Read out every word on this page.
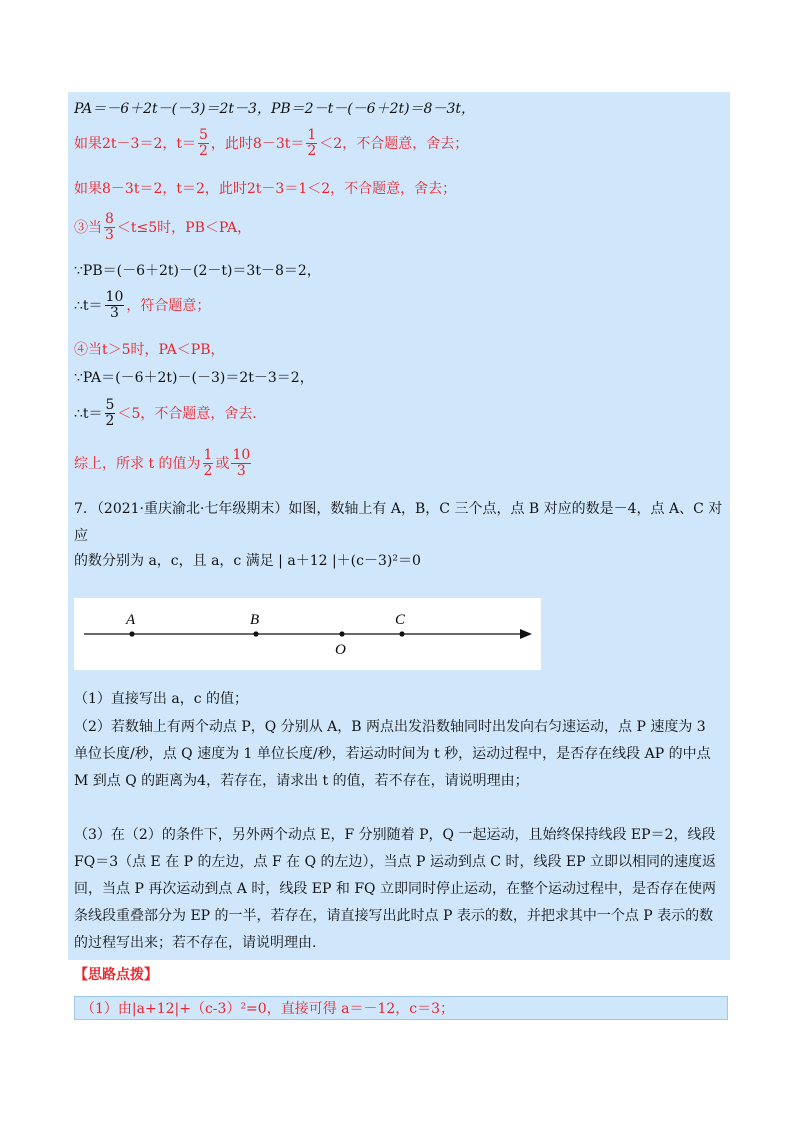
PA＝－6＋2t－(－3)＝2t－3，PB＝2－t－(－6＋2t)＝8－3t，
如果2t－3＝2，$t= \frac{5}{2}$ ，此时$8-3t= \frac{1}{2} <2$，不合题意，舍去；
如果8－3t＝2，t＝2，此时2t－3＝1＜2，不合题意，舍去；
③当 $\frac{8}{3} <t\le 5$时，PB＜PA，
∵PB＝(－6＋2t)－(2－t)＝3t－8＝2，
∴t＝ $\frac{10}{3}$ ，符合题意；
④当t＞5时，PA＜PB，
∵PA＝(－6＋2t)－(－3)＝2t－3＝2，
∴t＝ $\frac{5}{2} <5$，不合题意，舍去．
综上，所求 t 的值为 $\frac{1}{2}$ 或 $\frac{10}{3}$
7．（2021·重庆渝北·七年级期末）如图，数轴上有 A，B，C 三个点，点 B 对应的数是－4，点 A、C 对应
的数分别为 a，c，且 a，c 满足 | a＋12 |＋(c－3)²＝0
A	B
O
C
（1）直接写出 a，c 的值；
（2）若数轴上有两个动点 P，Q 分别从 A，B 两点出发沿数轴同时出发向右匀速运动，点 P 速度为 3 单位长度/秒，点 Q 速度为 1 单位长度/秒，若运动时间为 t 秒，运动过程中，是否存在线段 AP 的中点 M 到点 Q 的距离为4，若存在，请求出 t 的值，若不存在，请说明理由；
（3）在（2）的条件下，另外两个动点 E，F 分别随着 P，Q 一起运动，且始终保持线段 EP＝2，线段 FQ＝3（点 E 在 P 的左边，点 F 在 Q 的左边），当点 P 运动到点 C 时，线段 EP 立即以相同的速度返回，当点 P 再次运动到点 A 时，线段 EP 和 FQ 立即同时停止运动，在整个运动过程中，是否存在使两条线段重叠部分为 EP 的一半，若存在，请直接写出此时点 P 表示的数，并把求其中一个点 P 表示的数的过程写出来；若不存在，请说明理由.
【思路点拨】
（1）由|a+12|+（c-3）²=0，直接可得 a＝－12，c＝3；
